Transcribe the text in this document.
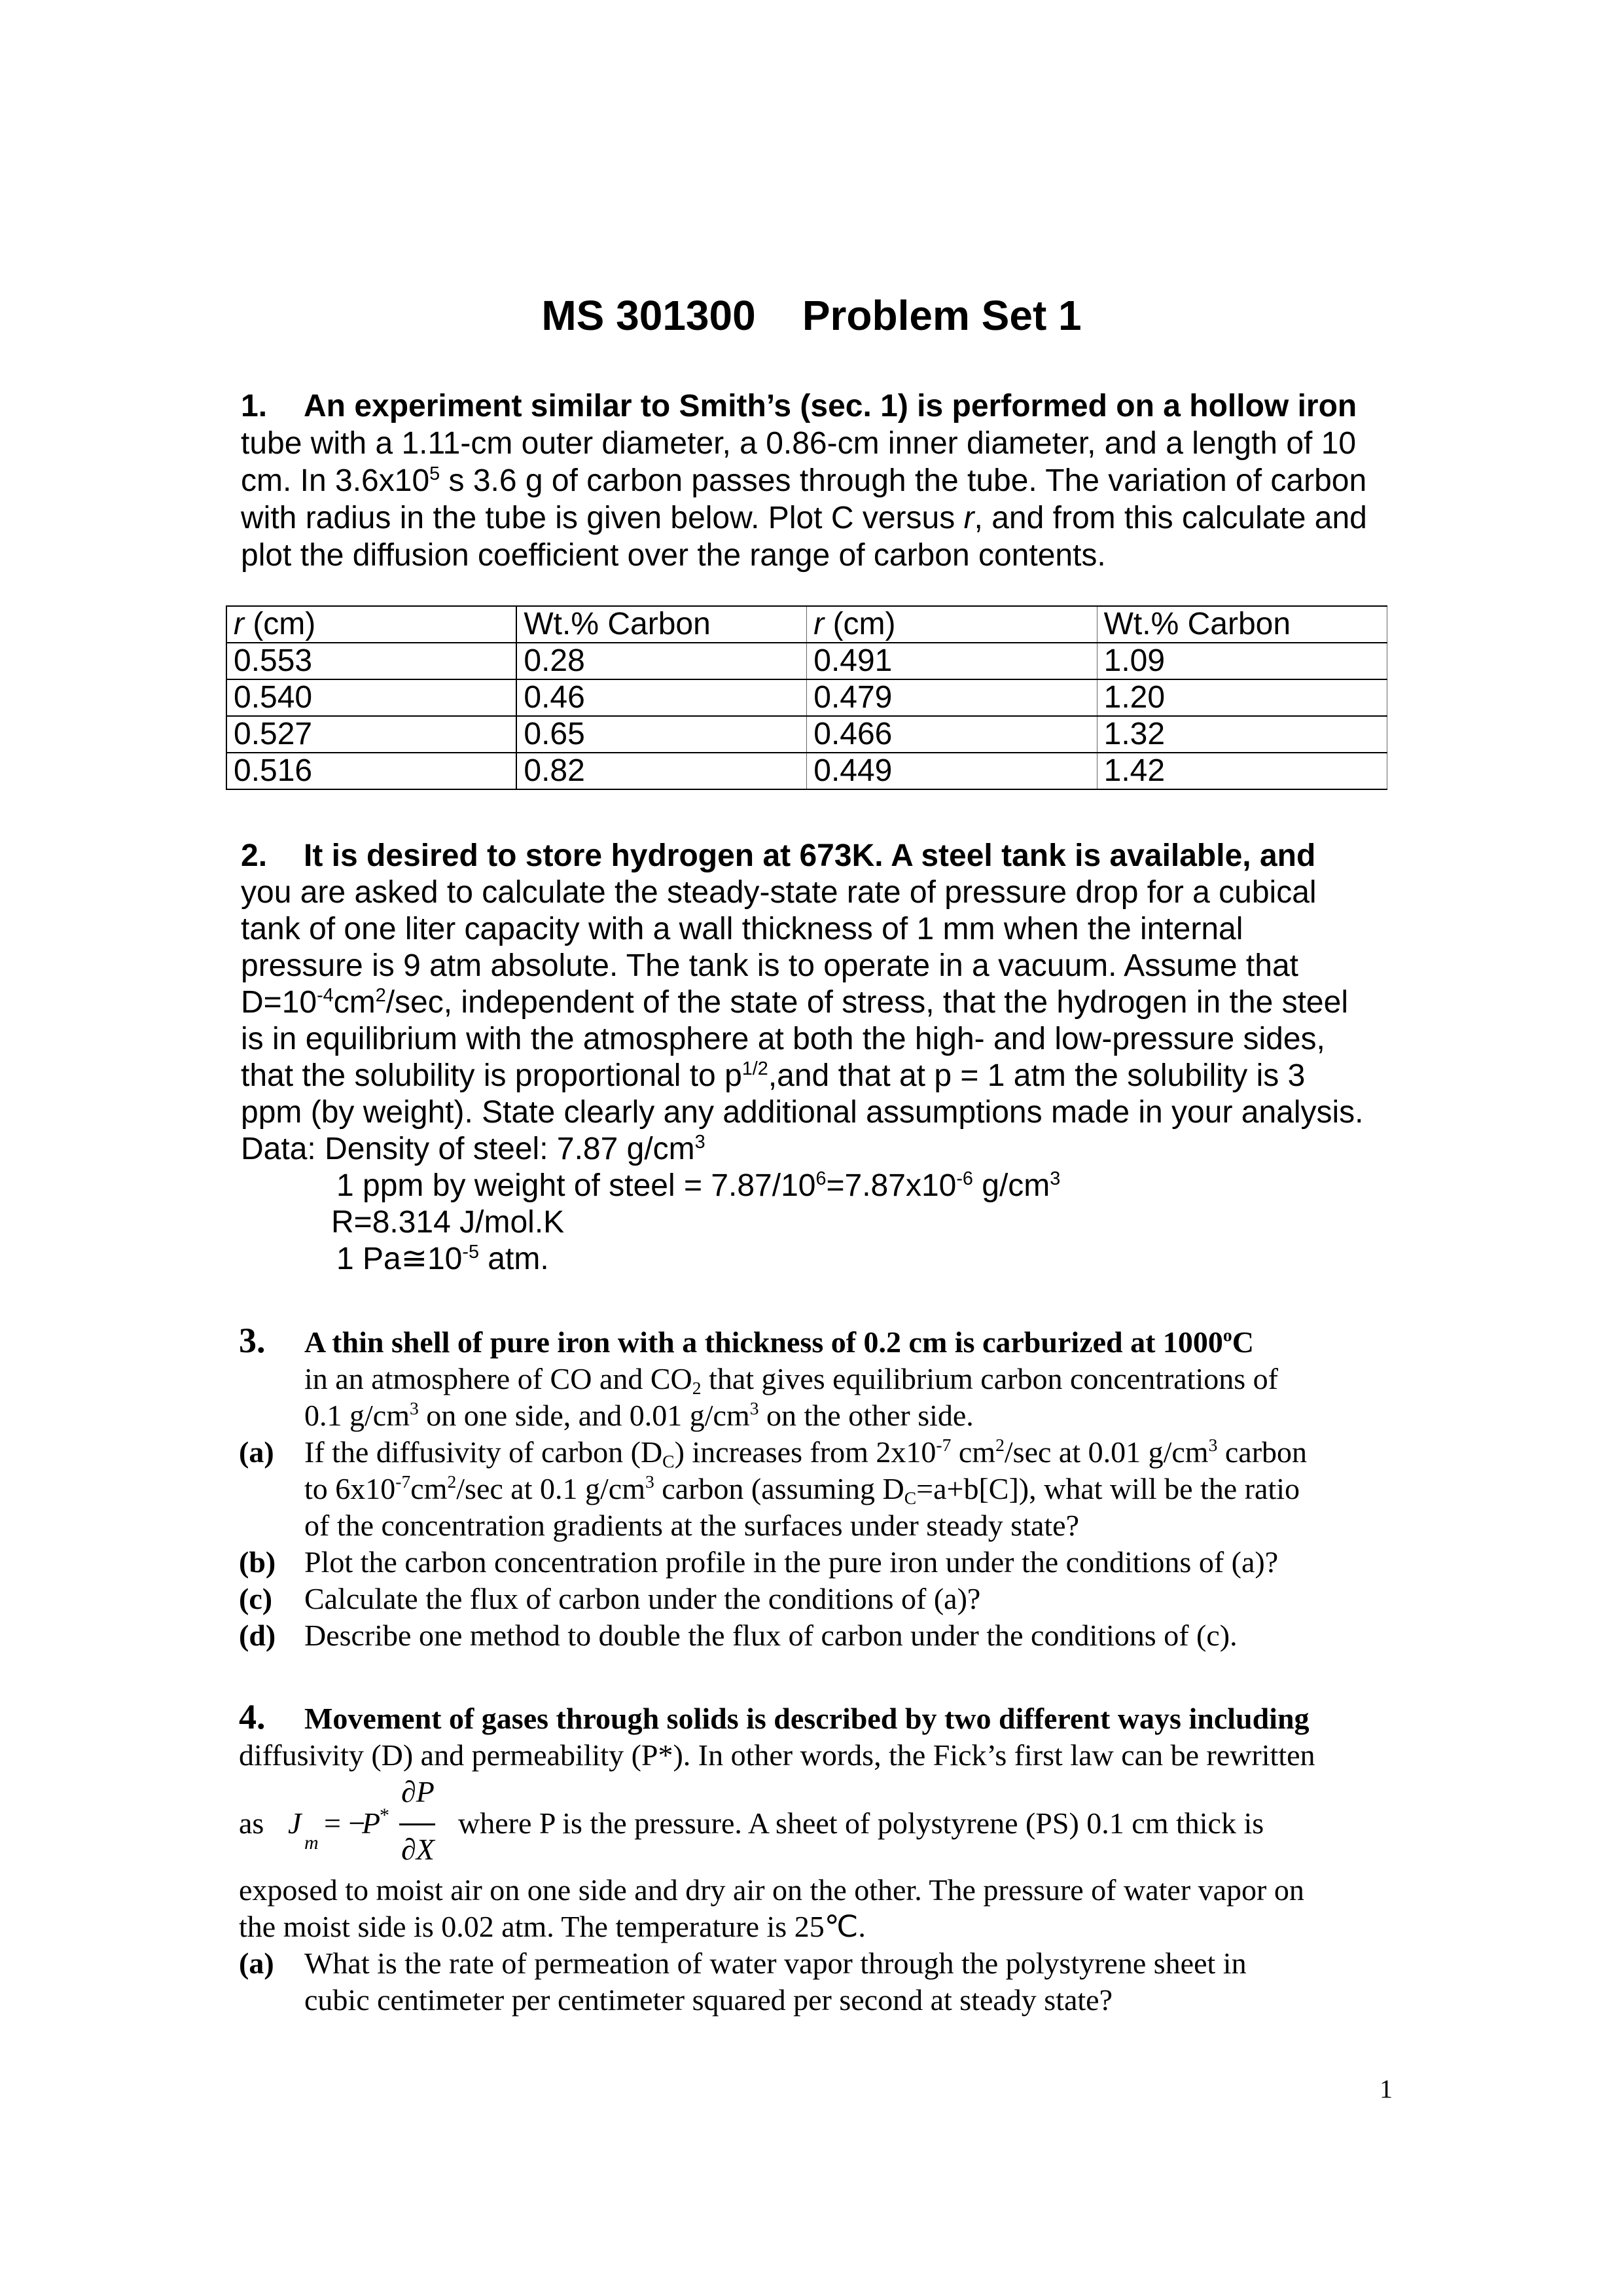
MS 301300    Problem Set 1
1. An experiment similar to Smith’s (sec. 1) is performed on a hollow iron
tube with a 1.11-cm outer diameter, a 0.86-cm inner diameter, and a length of 10
cm. In $3.6x10^5$ s 3.6 g of carbon passes through the tube. The variation of carbon
with radius in the tube is given below. Plot C versus r, and from this calculate and
plot the diffusion coefficient over the range of carbon contents.
r (cm)	Wt.% Carbon	r (cm)	Wt.% Carbon
0.553	0.28	0.491	1.09
0.540	0.46	0.479	1.20
0.527	0.65	0.466	1.32
0.516	0.82	0.449	1.42
2. It is desired to store hydrogen at 673K. A steel tank is available, and
you are asked to calculate the steady-state rate of pressure drop for a cubical
tank of one liter capacity with a wall thickness of 1 mm when the internal
pressure is 9 atm absolute. The tank is to operate in a vacuum. Assume that
$D=10^{-4}cm^2/\sec$, independent of the state of stress, that the hydrogen in the steel
is in equilibrium with the atmosphere at both the high- and low-pressure sides,
that the solubility is proportional to $p^{1/2},and$ that at p = 1 atm the solubility is 3
ppm (by weight). State clearly any additional assumptions made in your analysis.
Data: Density of steel: 7.87 $g/cm^3$
1 ppm by weight of steel = $7.87/10^6=7.87x10^{-6}$ $g/cm^3$
R=8.314 J/mol.K
1 $Pa≅10^{-5}$ atm.
3. A thin shell of pure iron with a thickness of 0.2 cm is carburized at 1000$^o$C
in an atmosphere of CO and $CO_2$ that gives equilibrium carbon concentrations of
0.1 $g/cm^3$ on one side, and 0.01 $g/cm^3$ on the other side.
(a) If the diffusivity of carbon $(D_C)$ increases from $2x10^{-7}$ $cm^2/\sec$ at 0.01 $g/cm^3$ carbon
to $6x10^{-7}cm^2/\sec$ at 0.1 $g/cm^3$ carbon (assuming $D_C=a+b[C]$), what will be the ratio
of the concentration gradients at the surfaces under steady state?
(b) Plot the carbon concentration profile in the pure iron under the conditions of (a)?
(c) Calculate the flux of carbon under the conditions of (a)?
(d) Describe one method to double the flux of carbon under the conditions of (c).
4. Movement of gases through solids is described by two different ways including
diffusivity (D) and permeability (P*). In other words, the Fick’s first law can be rewritten
as J
m
= −
P
*
∂P
∂X
where P is the pressure. A sheet of polystyrene (PS) 0.1 cm thick is
exposed to moist air on one side and dry air on the other. The pressure of water vapor on
the moist side is 0.02 atm. The temperature is 25℃.
(a) What is the rate of permeation of water vapor through the polystyrene sheet in
cubic centimeter per centimeter squared per second at steady state?
1
